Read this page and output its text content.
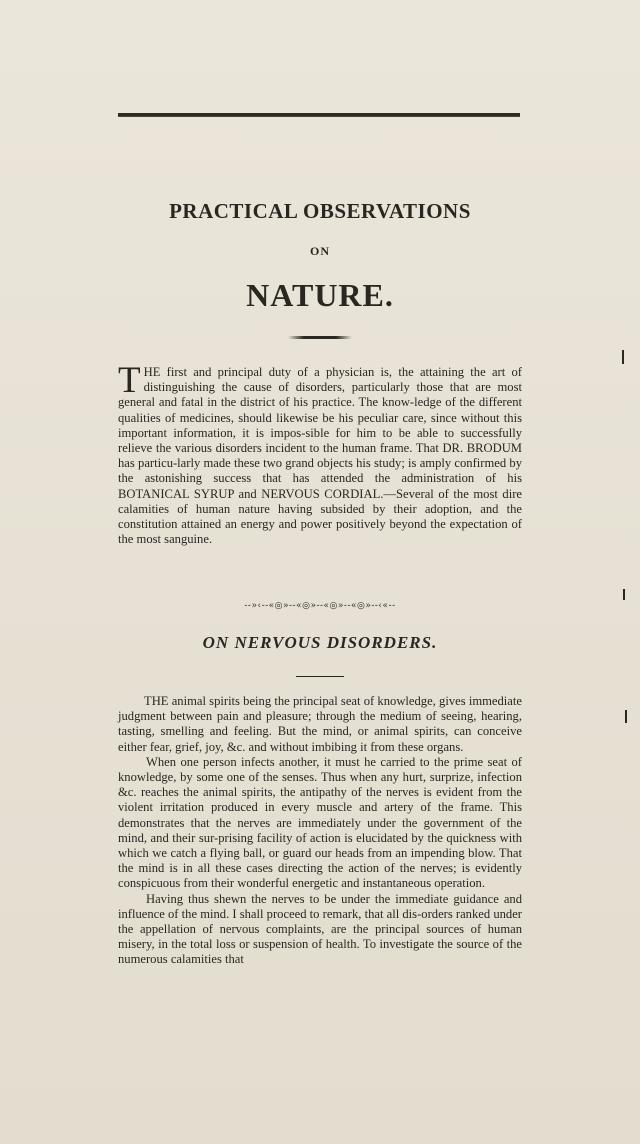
PRACTICAL OBSERVATIONS
ON
NATURE.
THE first and principal duty of a physician is, the attaining the art of distinguishing the cause of disorders, particularly those that are most general and fatal in the district of his practice. The know-ledge of the different qualities of medicines, should likewise be his peculiar care, since without this important information, it is impos-sible for him to be able to successfully relieve the various disorders incident to the human frame. That DR. BRODUM has particu-larly made these two grand objects his study; is amply confirmed by the astonishing success that has attended the administration of his BOTANICAL SYRUP and NERVOUS CORDIAL.—Several of the most dire calamities of human nature having subsided by their adoption, and the constitution attained an energy and power positively beyond the expectation of the most sanguine.
--»‹--«◎»--«◎»--«◎»--«◎»--‹«--
ON NERVOUS DISORDERS.

THE animal spirits being the principal seat of knowledge, gives immediate judgment between pain and pleasure; through the medium of seeing, hearing, tasting, smelling and feeling. But the mind, or animal spirits, can conceive either fear, grief, joy, &c. and without imbibing it from these organs.

When one person infects another, it must he carried to the prime seat of knowledge, by some one of the senses. Thus when any hurt, surprize, infection &c. reaches the animal spirits, the antipathy of the nerves is evident from the violent irritation produced in every muscle and artery of the frame. This demonstrates that the nerves are immediately under the government of the mind, and their sur-prising facility of action is elucidated by the quickness with which we catch a flying ball, or guard our heads from an impending blow. That the mind is in all these cases directing the action of the nerves; is evidently conspicuous from their wonderful energetic and instantaneous operation.

Having thus shewn the nerves to be under the immediate guidance and influence of the mind. I shall proceed to remark, that all dis-orders ranked under the appellation of nervous complaints, are the principal sources of human misery, in the total loss or suspension of health. To investigate the source of the numerous calamities that
